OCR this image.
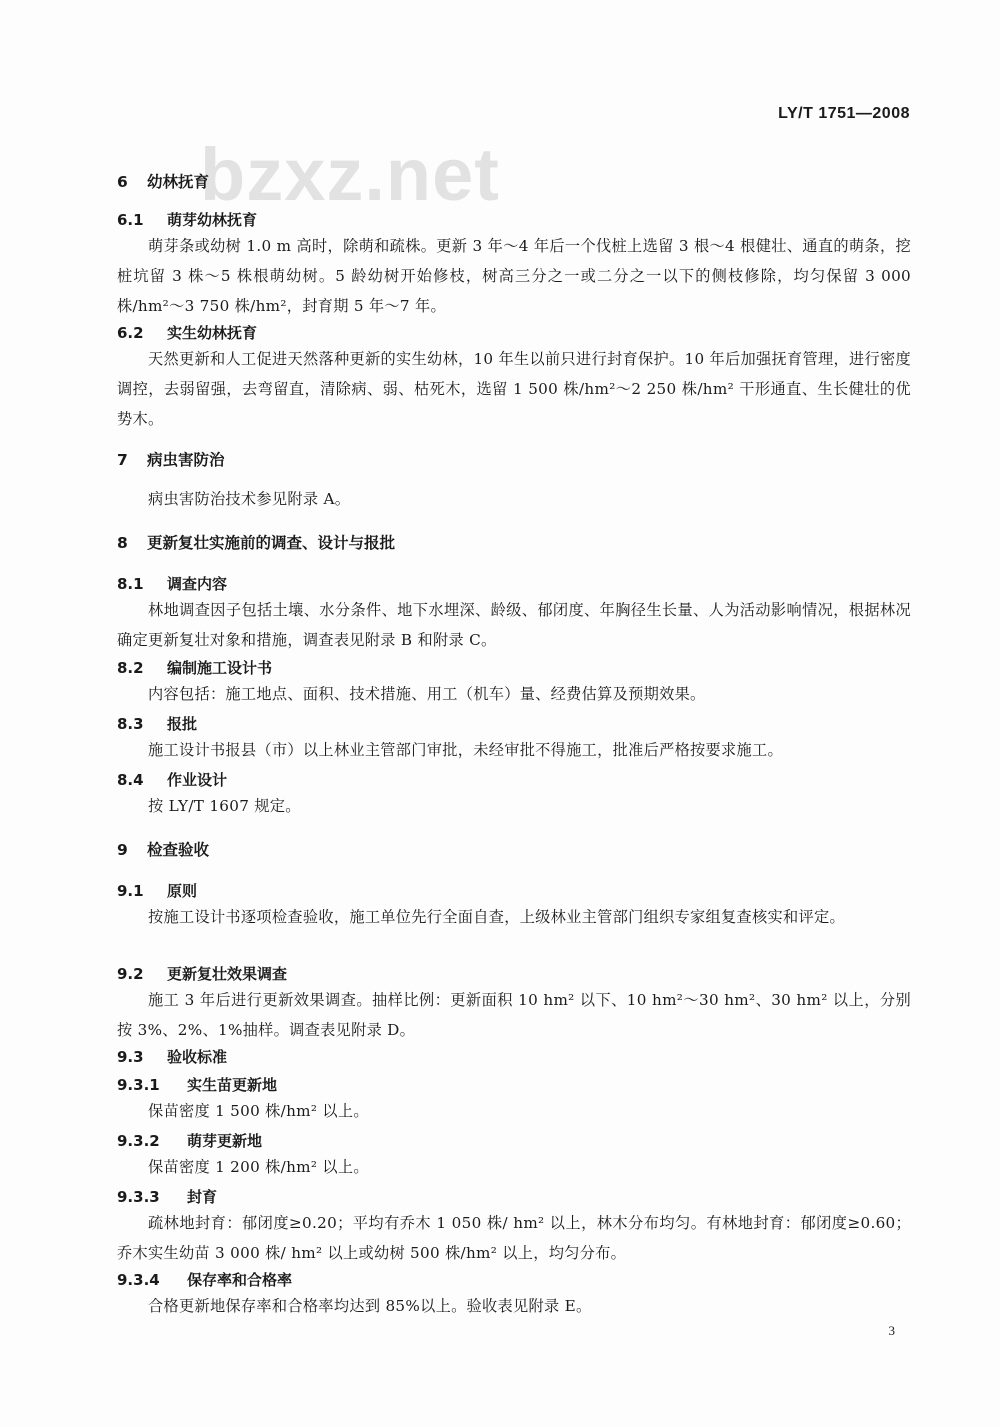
LY/T 1751—2008
bzxz.net
6 幼林抚育
6.1 萌芽幼林抚育
萌芽条或幼树 1.0 m 高时，除萌和疏株。更新 3 年～4 年后一个伐桩上选留 3 根～4 根健壮、通直的萌条，挖桩坑留 3 株～5 株根萌幼树。5 龄幼树开始修枝，树高三分之一或二分之一以下的侧枝修除，均匀保留 3 000 株/hm²～3 750 株/hm²，封育期 5 年～7 年。
6.2 实生幼林抚育
天然更新和人工促进天然落种更新的实生幼林，10 年生以前只进行封育保护。10 年后加强抚育管理，进行密度调控，去弱留强，去弯留直，清除病、弱、枯死木，选留 1 500 株/hm²～2 250 株/hm² 干形通直、生长健壮的优势木。
7 病虫害防治
病虫害防治技术参见附录 A。
8 更新复壮实施前的调查、设计与报批
8.1 调查内容
林地调查因子包括土壤、水分条件、地下水埋深、龄级、郁闭度、年胸径生长量、人为活动影响情况，根据林况确定更新复壮对象和措施，调查表见附录 B 和附录 C。
8.2 编制施工设计书
内容包括：施工地点、面积、技术措施、用工（机车）量、经费估算及预期效果。
8.3 报批
施工设计书报县（市）以上林业主管部门审批，未经审批不得施工，批准后严格按要求施工。
8.4 作业设计
按 LY/T 1607 规定。
9 检查验收
9.1 原则
按施工设计书逐项检查验收，施工单位先行全面自查，上级林业主管部门组织专家组复查核实和评定。
9.2 更新复壮效果调查
施工 3 年后进行更新效果调查。抽样比例：更新面积 10 hm² 以下、10 hm²～30 hm²、30 hm² 以上，分别按 3%、2%、1%抽样。调查表见附录 D。
9.3 验收标准
9.3.1 实生苗更新地
保苗密度 1 500 株/hm² 以上。
9.3.2 萌芽更新地
保苗密度 1 200 株/hm² 以上。
9.3.3 封育
疏林地封育：郁闭度≥0.20；平均有乔木 1 050 株/ hm² 以上，林木分布均匀。有林地封育：郁闭度≥0.60；乔木实生幼苗 3 000 株/ hm² 以上或幼树 500 株/hm² 以上，均匀分布。
9.3.4 保存率和合格率
合格更新地保存率和合格率均达到 85%以上。验收表见附录 E。
3
